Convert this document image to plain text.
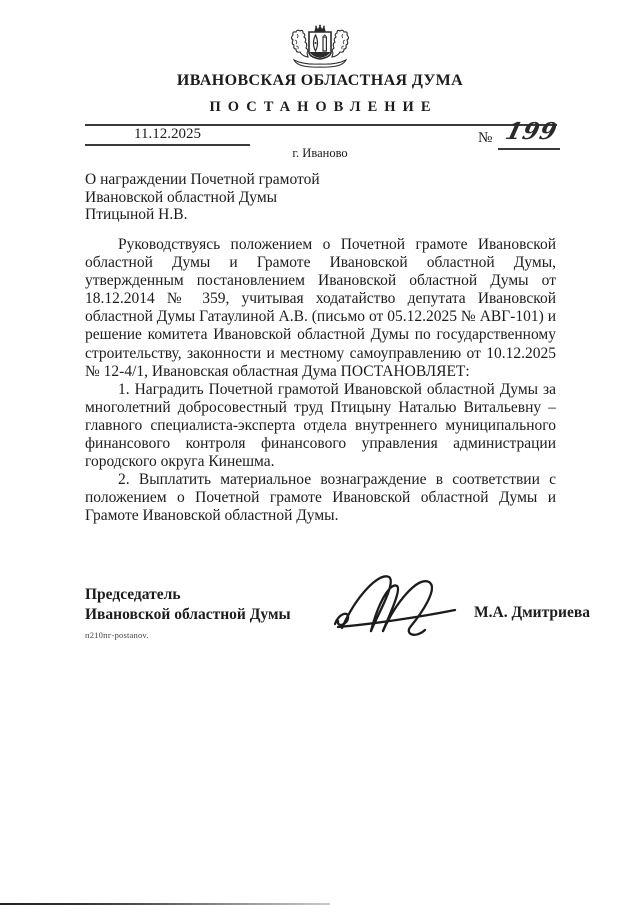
ИВАНОВСКАЯ ОБЛАСТНАЯ ДУМА
ПОСТАНОВЛЕНИЕ
11.12.2025	№ 199
г. Иваново
О награждении Почетной грамотой
Ивановской областной Думы
Птицыной Н.В.

Руководствуясь положением о Почетной грамоте Ивановской областной Думы и Грамоте Ивановской областной Думы, утвержденным постановлением Ивановской областной Думы от 18.12.2014 № 359, учитывая ходатайство депутата Ивановской областной Думы Гатаулиной А.В. (письмо от 05.12.2025 № АВГ-101) и решение комитета Ивановской областной Думы по государственному строительству, законности и местному самоуправлению от 10.12.2025 № 12-4/1, Ивановская областная Дума ПОСТАНОВЛЯЕТ:

1. Наградить Почетной грамотой Ивановской областной Думы за многолетний добросовестный труд Птицыну Наталью Витальевну – главного специалиста-эксперта отдела внутреннего муниципального финансового контроля финансового управления администрации городского округа Кинешма.

2. Выплатить материальное вознаграждение в соответствии с положением о Почетной грамоте Ивановской областной Думы и Грамоте Ивановской областной Думы.

Председатель
Ивановской областной Думы	М.А. Дмитриева
п210пг-postanov.
